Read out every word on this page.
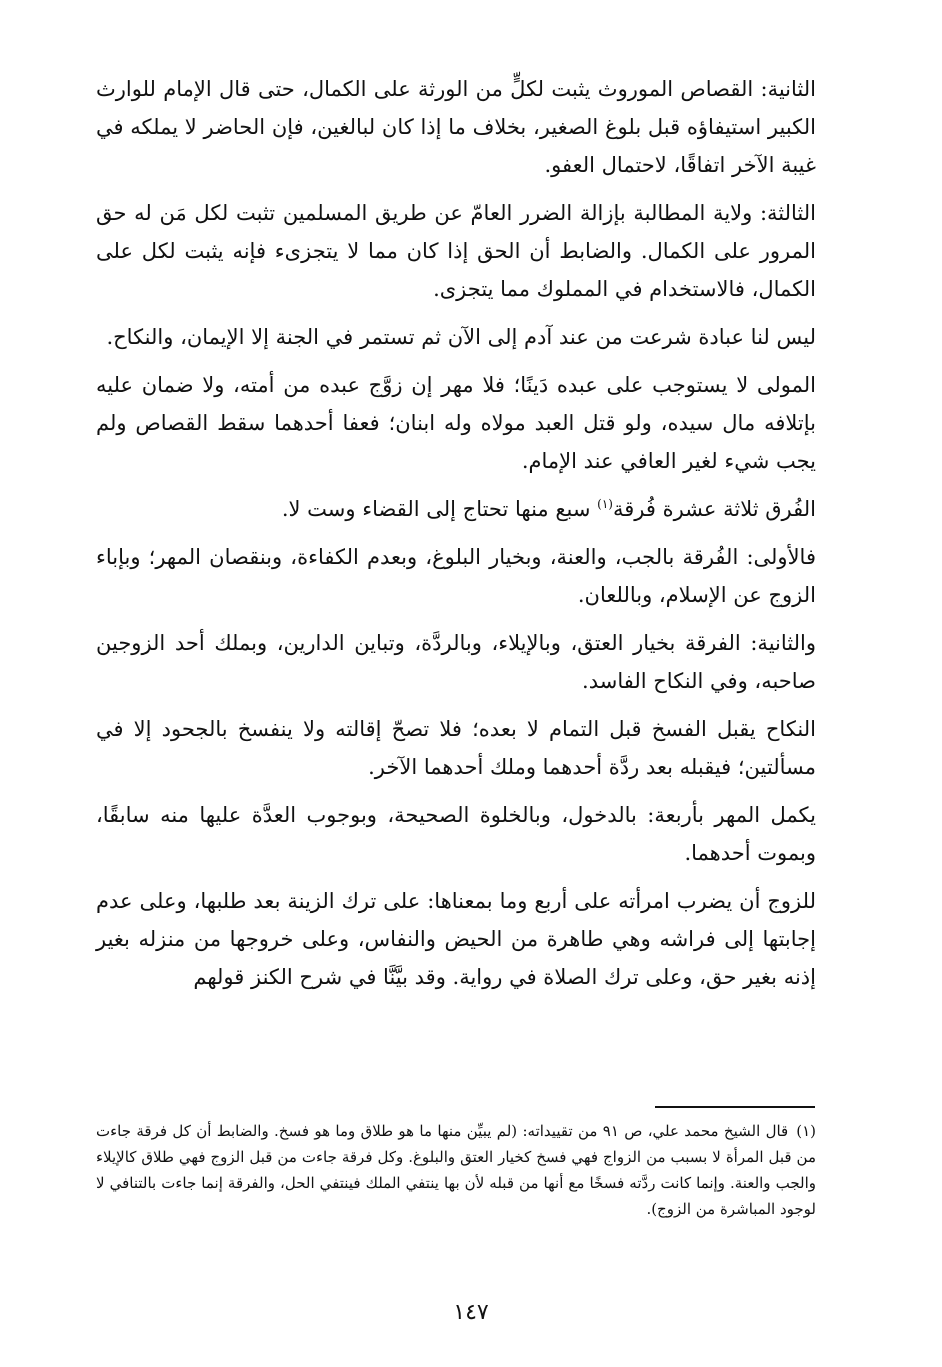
الثانية: القصاص الموروث يثبت لكلٍّ من الورثة على الكمال، حتى قال الإمام للوارث الكبير استيفاؤه قبل بلوغ الصغير، بخلاف ما إذا كان لبالغين، فإن الحاضر لا يملكه في غيبة الآخر اتفاقًا، لاحتمال العفو.

الثالثة: ولاية المطالبة بإزالة الضرر العامّ عن طريق المسلمين تثبت لكل مَن له حق المرور على الكمال. والضابط أن الحق إذا كان مما لا يتجزىء فإنه يثبت لكل على الكمال، فالاستخدام في المملوك مما يتجزى.

ليس لنا عبادة شرعت من عند آدم إلى الآن ثم تستمر في الجنة إلا الإيمان، والنكاح.

المولى لا يستوجب على عبده دَينًا؛ فلا مهر إن زوَّج عبده من أمته، ولا ضمان عليه بإتلافه مال سيده، ولو قتل العبد مولاه وله ابنان؛ فعفا أحدهما سقط القصاص ولم يجب شيء لغير العافي عند الإمام.

الفُرق ثلاثة عشرة فُرقة$^{(١)}$ سبع منها تحتاج إلى القضاء وست لا.

فالأولى: الفُرقة بالجب، والعنة، وبخيار البلوغ، وبعدم الكفاءة، وبنقصان المهر؛ وبإباء الزوج عن الإسلام، وباللعان.

والثانية: الفرقة بخيار العتق، وبالإيلاء، وبالردَّة، وتباين الدارين، وبملك أحد الزوجين صاحبه، وفي النكاح الفاسد.

النكاح يقبل الفسخ قبل التمام لا بعده؛ فلا تصحّ إقالته ولا ينفسخ بالجحود إلا في مسألتين؛ فيقبله بعد ردَّة أحدهما وملك أحدهما الآخر.

يكمل المهر بأربعة: بالدخول، وبالخلوة الصحيحة، وبوجوب العدَّة عليها منه سابقًا، وبموت أحدهما.

للزوج أن يضرب امرأته على أربع وما بمعناها: على ترك الزينة بعد طلبها، وعلى عدم إجابتها إلى فراشه وهي طاهرة من الحيض والنفاس، وعلى خروجها من منزله بغير إذنه بغير حق، وعلى ترك الصلاة في رواية. وقد بيَّنَّا في شرح الكنز قولهم

(١)قال الشيخ محمد علي، ص ٩١ من تقييداته: (لم يبيِّن منها ما هو طلاق وما هو فسخ. والضابط أن كل فرقة جاءت من قبل المرأة لا بسبب من الزواج فهي فسخ كخيار العتق والبلوغ. وكل فرقة جاءت من قبل الزوج فهي طلاق كالإيلاء والجب والعنة. وإنما كانت ردَّته فسخًا مع أنها من قبله لأن بها ينتفي الملك فينتفي الحل، والفرقة إنما جاءت بالتنافي لا لوجود المباشرة من الزوج).

١٤٧
